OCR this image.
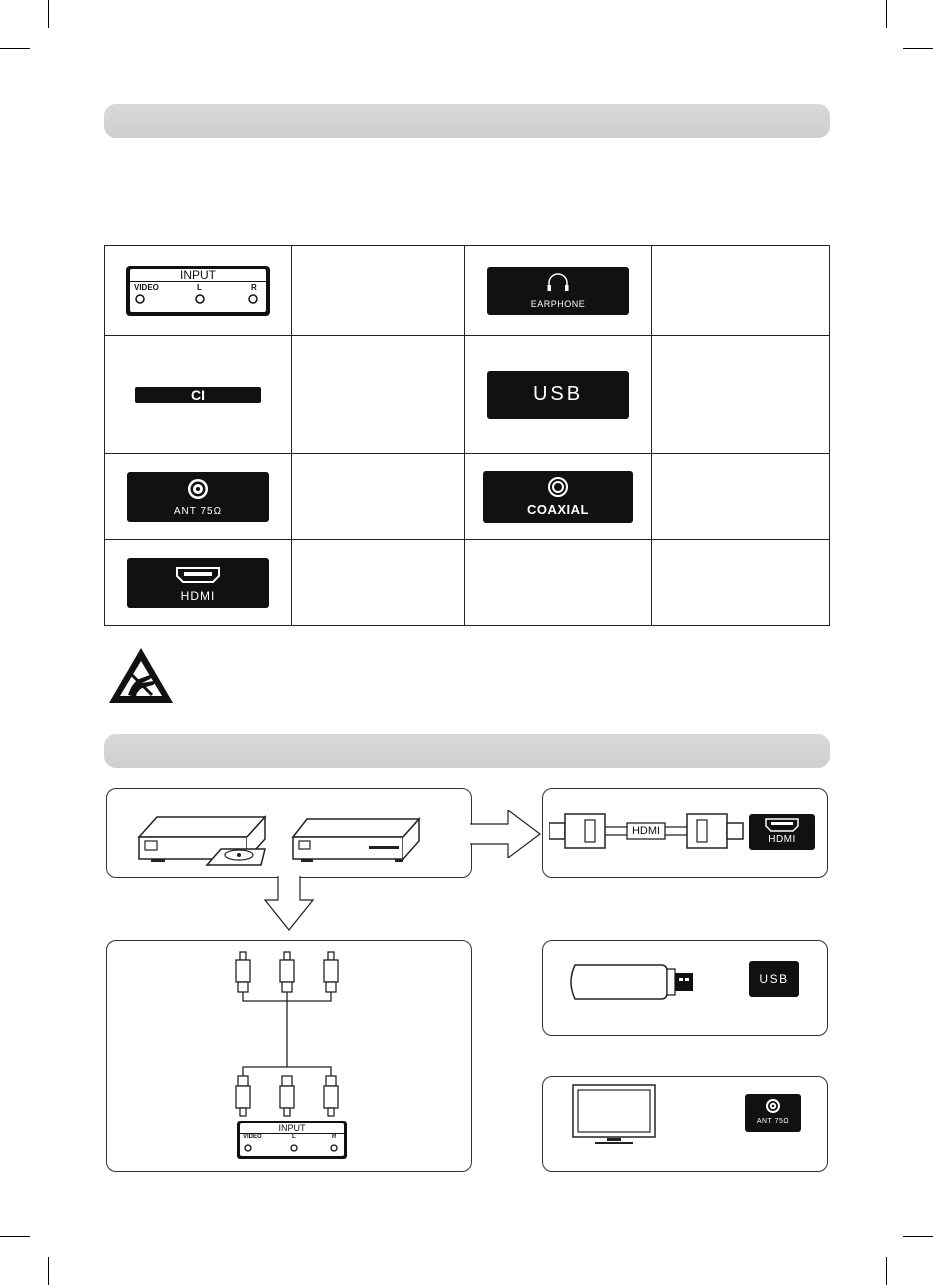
INPUT
VIDEO L R		EARPHONE	

CI		USB	

ANT 75Ω		COAXIAL	

HDMI			

HDMI
HDMI
INPUT
VIDEO	L	R
USB
ANT 75Ω
